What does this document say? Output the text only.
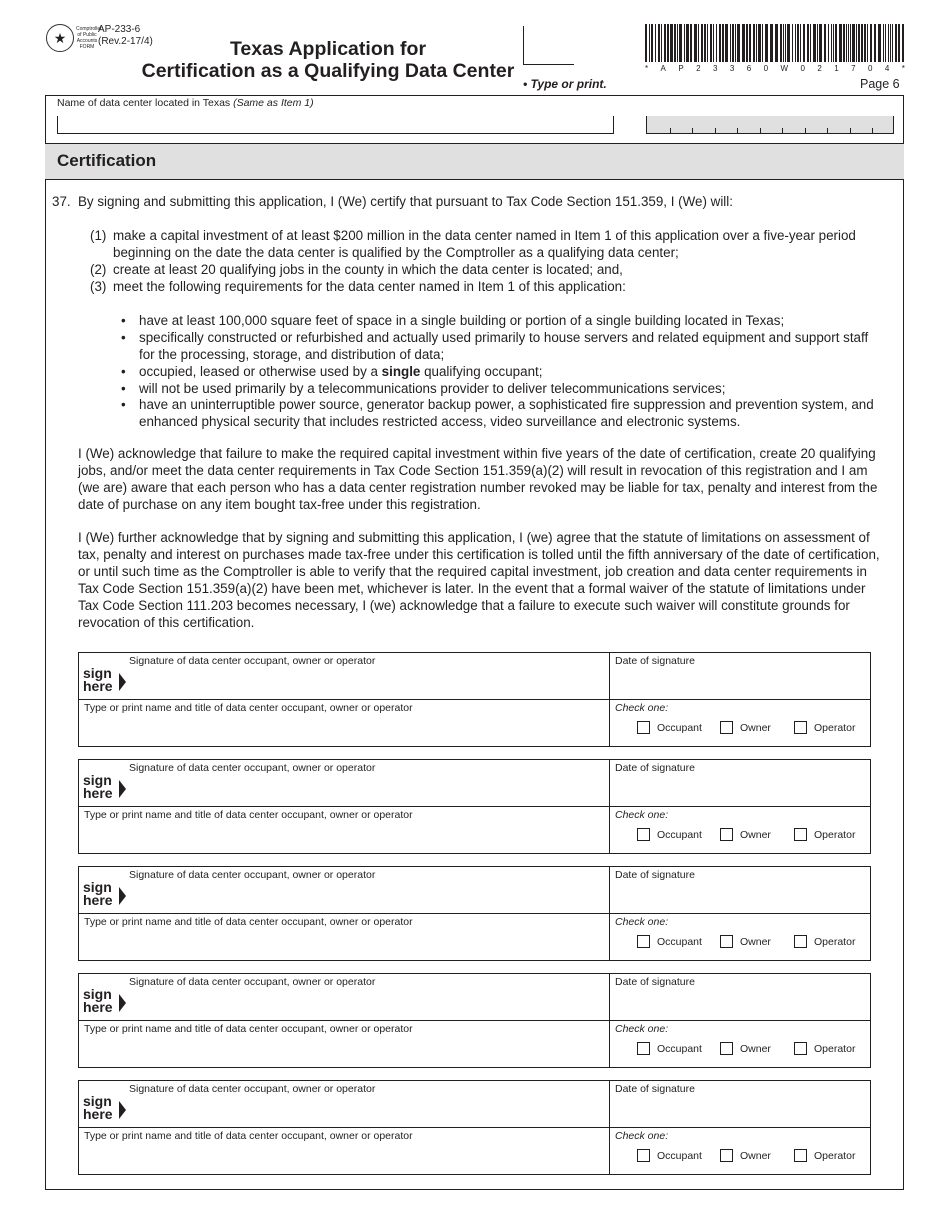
★
Comptroller of Public Accounts FORM
AP-233-6
(Rev.2-17/4)	Texas Application for
Certification as a Qualifying Data Center
• Type or print.
* A P 2 3 3 6 0 W 0 2 1 7 0 4 *
Page 6
Name of data center located in Texas (Same as Item 1)
Certification
37. By signing and submitting this application, I (We) certify that pursuant to Tax Code Section 151.359, I (We) will:
(1) make a capital investment of at least $200 million in the data center named in Item 1 of this application over a five-year period beginning on the date the data center is qualified by the Comptroller as a qualifying data center;
(2) create at least 20 qualifying jobs in the county in which the data center is located; and,
(3) meet the following requirements for the data center named in Item 1 of this application:
I (We) acknowledge that failure to make the required capital investment within five years of the date of certification, create 20 qualifying jobs, and/or meet the data center requirements in Tax Code Section 151.359(a)(2) will result in revocation of this registration and I am (we are) aware that each person who has a data center registration number revoked may be liable for tax, penalty and interest from the date of purchase on any item bought tax-free under this registration.
I (We) further acknowledge that by signing and submitting this application, I (we) agree that the statute of limitations on assessment of tax, penalty and interest on purchases made tax-free under this certification is tolled until the fifth anniversary of the date of certification, or until such time as the Comptroller is able to verify that the required capital investment, job creation and data center requirements in Tax Code Section 151.359(a)(2) have been met, whichever is later. In the event that a formal waiver of the statute of limitations under Tax Code Section 111.203 becomes necessary, I (we) acknowledge that a failure to execute such waiver will constitute grounds for revocation of this certification.
• have at least 100,000 square feet of space in a single building or portion of a single building located in Texas;
• specifically constructed or refurbished and actually used primarily to house servers and related equipment and support staff for the processing, storage, and distribution of data;
• occupied, leased or otherwise used by a single qualifying occupant;
• will not be used primarily by a telecommunications provider to deliver telecommunications services;
• have an uninterruptible power source, generator backup power, a sophisticated fire suppression and prevention system, and enhanced physical security that includes restricted access, video surveillance and electronic systems.
Signature of data center occupant, owner or operator
sign
here
Date of signature
Type or print name and title of data center occupant, owner or operator	Check one:
Occupant	Owner	Operator
Signature of data center occupant, owner or operator
sign
here
Date of signature
Type or print name and title of data center occupant, owner or operator	Check one:
Occupant	Owner	Operator
Signature of data center occupant, owner or operator
sign
here
Date of signature
Type or print name and title of data center occupant, owner or operator	Check one:
Occupant	Owner	Operator
Signature of data center occupant, owner or operator
sign
here
Date of signature
Type or print name and title of data center occupant, owner or operator	Check one:
Occupant	Owner	Operator
Signature of data center occupant, owner or operator
sign
here
Date of signature
Type or print name and title of data center occupant, owner or operator	Check one:
Occupant	Owner	Operator
